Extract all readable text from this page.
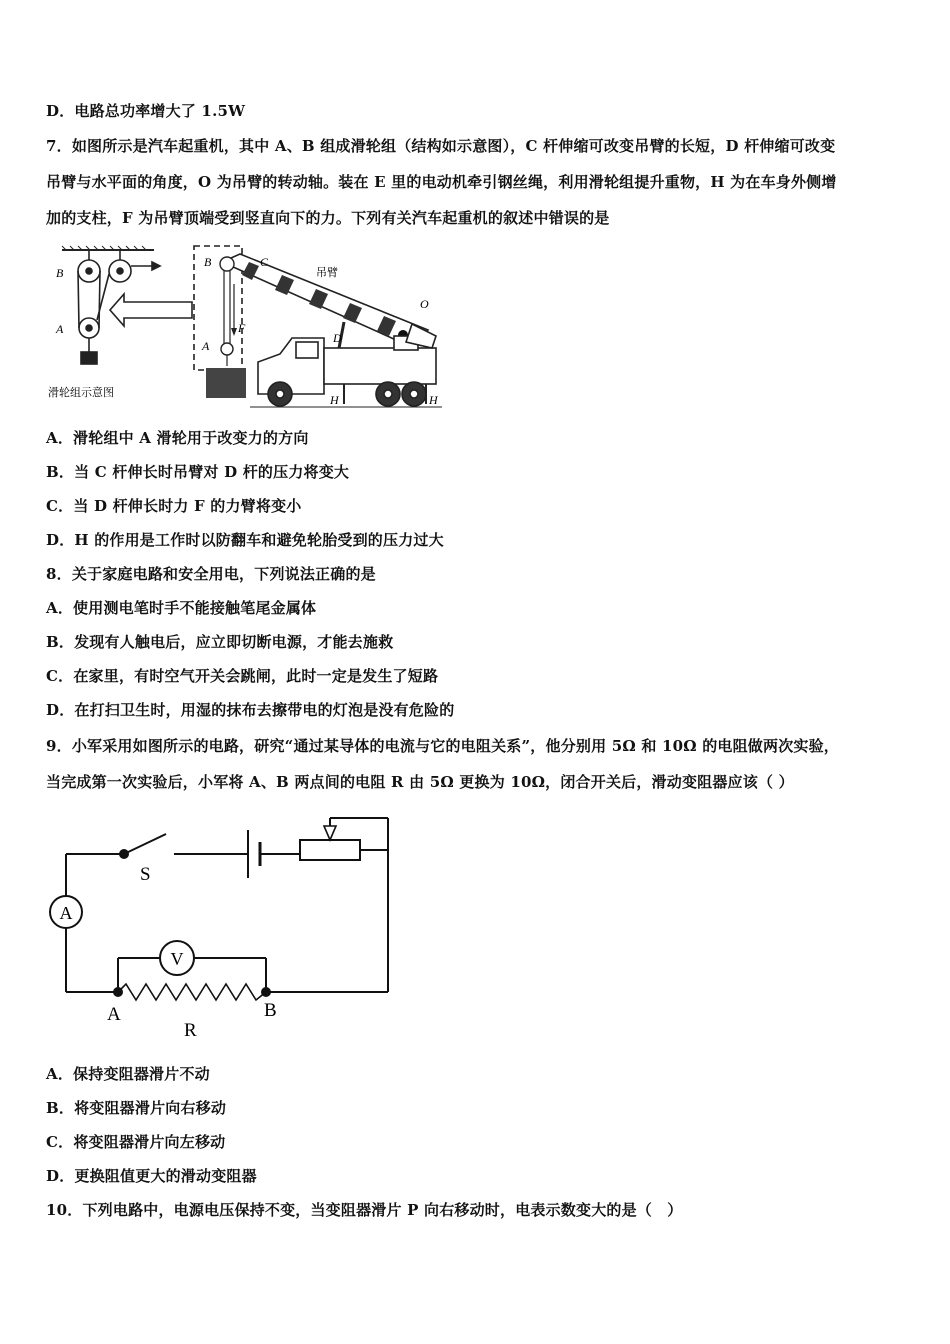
D．电路总功率增大了 1.5W
7．如图所示是汽车起重机，其中 A、B 组成滑轮组（结构如示意图），C 杆伸缩可改变吊臂的长短，D 杆伸缩可改变
吊臂与水平面的角度，O 为吊臂的转动轴。装在 E 里的电动机牵引钢丝绳，利用滑轮组提升重物，H 为在车身外侧增
加的支柱，F 为吊臂顶端受到竖直向下的力。下列有关汽车起重机的叙述中错误的是
B
A
滑轮组示意图
B
A
F
C
吊臂
O
D
H	H
A．滑轮组中 A 滑轮用于改变力的方向
B．当 C 杆伸长时吊臂对 D 杆的压力将变大
C．当 D 杆伸长时力 F 的力臂将变小
D．H 的作用是工作时以防翻车和避免轮胎受到的压力过大
8．关于家庭电路和安全用电，下列说法正确的是
A．使用测电笔时手不能接触笔尾金属体
B．发现有人触电后，应立即切断电源，才能去施救
C．在家里，有时空气开关会跳闸，此时一定是发生了短路
D．在打扫卫生时，用湿的抹布去擦带电的灯泡是没有危险的
9．小军采用如图所示的电路，研究“通过某导体的电流与它的电阻关系”，他分别用 5Ω 和 10Ω 的电阻做两次实验，
当完成第一次实验后，小军将 A、B 两点间的电阻 R 由 5Ω 更换为 10Ω，闭合开关后，滑动变阻器应该（ ）
A
V
S
A	B
R
A．保持变阻器滑片不动
B．将变阻器滑片向右移动
C．将变阻器滑片向左移动
D．更换阻值更大的滑动变阻器
10．下列电路中，电源电压保持不变，当变阻器滑片 P 向右移动时，电表示数变大的是（　）
